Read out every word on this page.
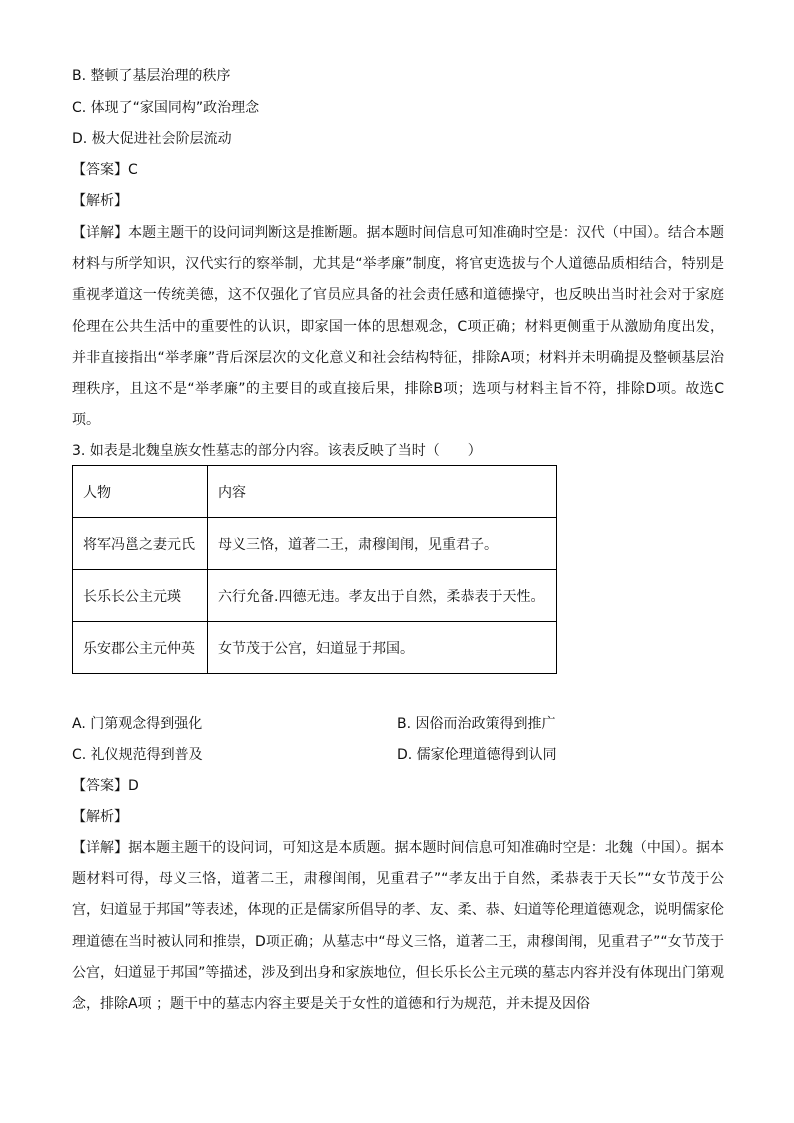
B. 整顿了基层治理的秩序
C. 体现了“家国同构”政治理念
D. 极大促进社会阶层流动
【答案】C
【解析】
【详解】本题主题干的设问词判断这是推断题。据本题时间信息可知准确时空是：汉代（中国）。结合本题材料与所学知识，汉代实行的察举制，尤其是“举孝廉”制度，将官吏选拔与个人道德品质相结合，特别是重视孝道这一传统美德，这不仅强化了官员应具备的社会责任感和道德操守，也反映出当时社会对于家庭伦理在公共生活中的重要性的认识，即家国一体的思想观念，C项正确；材料更侧重于从激励角度出发，并非直接指出“举孝廉”背后深层次的文化意义和社会结构特征，排除A项；材料并未明确提及整顿基层治理秩序，且这不是“举孝廉”的主要目的或直接后果，排除B项；选项与材料主旨不符，排除D项。故选C项。
3. 如表是北魏皇族女性墓志的部分内容。该表反映了当时（　　）
人物	内容
将军冯邕之妻元氏	母义三恪，道著二王，肃穆闺闱，见重君子。
长乐长公主元瑛	六行允备.四德无违。孝友出于自然，柔恭表于天性。
乐安郡公主元仲英	女节茂于公宫，妇道显于邦国。
A. 门第观念得到强化	B. 因俗而治政策得到推广
C. 礼仪规范得到普及	D. 儒家伦理道德得到认同
【答案】D
【解析】
【详解】据本题主题干的设问词，可知这是本质题。据本题时间信息可知准确时空是：北魏（中国）。据本题材料可得，母义三恪，道著二王，肃穆闺闱，见重君子”“孝友出于自然，柔恭表于天长”“女节茂于公宫，妇道显于邦国”等表述，体现的正是儒家所倡导的孝、友、柔、恭、妇道等伦理道德观念，说明儒家伦理道德在当时被认同和推崇，D项正确；从墓志中“母义三恪，道著二王，肃穆闺闱，见重君子”“女节茂于公宫，妇道显于邦国”等描述，涉及到出身和家族地位，但长乐长公主元瑛的墓志内容并没有体现出门第观念，排除A项 ；题干中的墓志内容主要是关于女性的道德和行为规范，并未提及因俗
